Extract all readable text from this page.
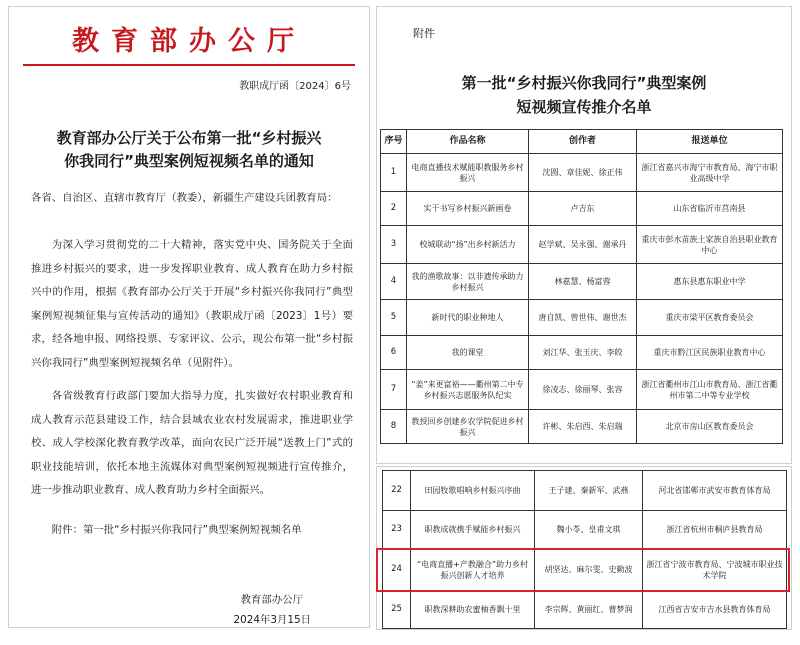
教育部办公厅
教职成厅函〔2024〕6号
教育部办公厅关于公布第一批“乡村振兴
你我同行”典型案例短视频名单的通知

各省、自治区、直辖市教育厅（教委），新疆生产建设兵团教育局：

为深入学习贯彻党的二十大精神，落实党中央、国务院关于全面推进乡村振兴的要求，进一步发挥职业教育、成人教育在助力乡村振兴中的作用，根据《教育部办公厅关于开展“乡村振兴你我同行”典型案例短视频征集与宣传活动的通知》（教职成厅函〔2023〕1号）要求，经各地申报、网络投票、专家评议、公示，现公布第一批“乡村振兴你我同行”典型案例短视频名单（见附件）。

各省级教育行政部门要加大指导力度，扎实做好农村职业教育和成人教育示范县建设工作，结合县域农业农村发展需求，推进职业学校、成人学校深化教育教学改革，面向农民广泛开展“送教上门”式的职业技能培训，依托本地主流媒体对典型案例短视频进行宣传推介，进一步推动职业教育、成人教育助力乡村全面振兴。

附件：第一批“乡村振兴你我同行”典型案例短视频名单

教育部办公厅
2024年3月15日
附件
第一批“乡村振兴你我同行”典型案例
短视频宣传推介名单
序号	作品名称	创作者	报送单位
1	电商直播技术赋能职教服务乡村振兴	沈圆、章佳妮、徐正伟	浙江省嘉兴市海宁市教育局、海宁市职业高级中学
2	实干书写乡村振兴新画卷	卢吉东	山东省临沂市莒南县
3	校城联动“扬”出乡村新活力	赵学斌、吴永强、谢承丹	重庆市彭水苗族土家族自治县职业教育中心
4	我的渔歌故事：以非遗传承助力乡村振兴	林嘉慧、杨富蓉	惠东县惠东职业中学
5	新时代的职业种地人	唐自凯、曾世伟、谢世杰	重庆市梁平区教育委员会
6	我的课堂	刘江华、张玉庆、李皎	重庆市黔江区民族职业教育中心
7	“姜”来更富裕——衢州第二中专乡村振兴志愿服务队纪实	徐凌志、徐丽琴、张容	浙江省衢州市江山市教育局、浙江省衢州市第二中等专业学校
8	教授回乡创建乡农学院促进乡村振兴	许彬、朱启西、朱启瑞	北京市房山区教育委员会
22	田园牧歌唱响乡村振兴序曲	王子建、秦新军、武燕	河北省邯郸市武安市教育体育局
23	职教成就携手赋能乡村振兴	魏小苓、皇甫文琪	浙江省杭州市桐庐县教育局
24	“电商直播+产教融合”助力乡村振兴创新人才培养	胡坚达、麻尔雯、史勤波	浙江省宁波市教育局、宁波城市职业技术学院
25	职教深耕助农蜜柚香飘十里	李宗辉、黄丽红、曹梦润	江西省吉安市吉水县教育体育局
